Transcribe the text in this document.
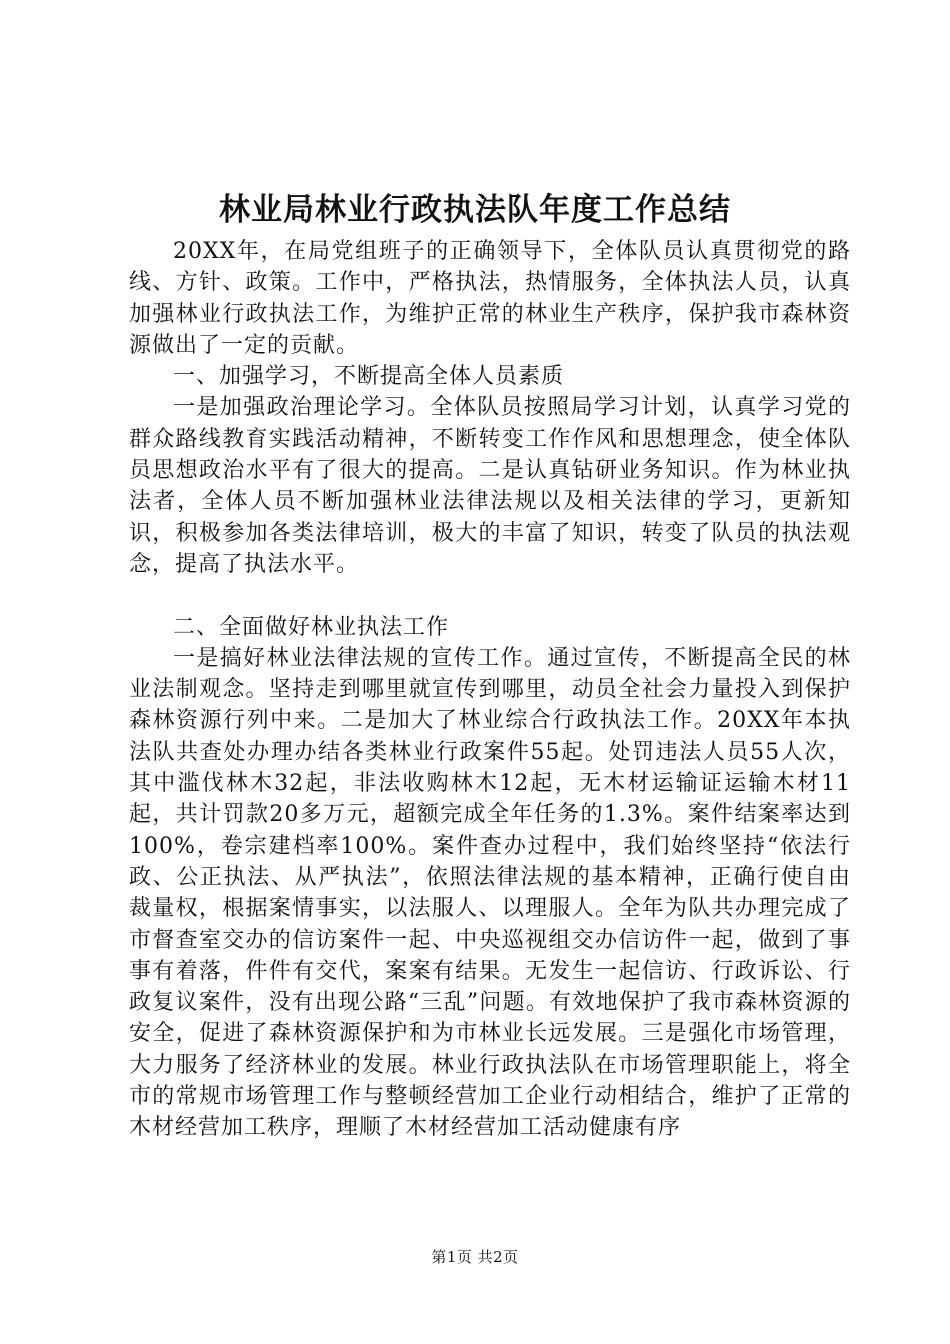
林业局林业行政执法队年度工作总结

20XX年，在局党组班子的正确领导下，全体队员认真贯彻党的路线、方针、政策。工作中，严格执法，热情服务，全体执法人员，认真加强林业行政执法工作，为维护正常的林业生产秩序，保护我市森林资源做出了一定的贡献。

一、加强学习，不断提高全体人员素质

一是加强政治理论学习。全体队员按照局学习计划，认真学习党的群众路线教育实践活动精神，不断转变工作作风和思想理念，使全体队员思想政治水平有了很大的提高。二是认真钻研业务知识。作为林业执法者，全体人员不断加强林业法律法规以及相关法律的学习，更新知识，积极参加各类法律培训，极大的丰富了知识，转变了队员的执法观念，提高了执法水平。

二、全面做好林业执法工作

一是搞好林业法律法规的宣传工作。通过宣传，不断提高全民的林业法制观念。坚持走到哪里就宣传到哪里，动员全社会力量投入到保护森林资源行列中来。二是加大了林业综合行政执法工作。20XX年本执法队共查处办理办结各类林业行政案件55起。处罚违法人员55人次，其中滥伐林木32起，非法收购林木12起，无木材运输证运输木材11起，共计罚款20多万元，超额完成全年任务的1.3%。案件结案率达到100%，卷宗建档率100%。案件查办过程中，我们始终坚持“依法行政、公正执法、从严执法”，依照法律法规的基本精神，正确行使自由裁量权，根据案情事实，以法服人、以理服人。全年为队共办理完成了市督查室交办的信访案件一起、中央巡视组交办信访件一起，做到了事事有着落，件件有交代，案案有结果。无发生一起信访、行政诉讼、行政复议案件，没有出现公路“三乱”问题。有效地保护了我市森林资源的安全，促进了森林资源保护和为市林业长远发展。三是强化市场管理，大力服务了经济林业的发展。林业行政执法队在市场管理职能上，将全市的常规市场管理工作与整顿经营加工企业行动相结合，维护了正常的木材经营加工秩序，理顺了木材经营加工活动健康有序

第1页 共2页
